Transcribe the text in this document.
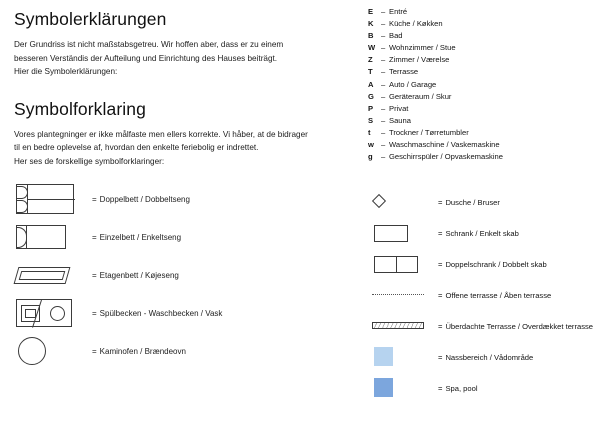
Symbolerklärungen

Der Grundriss ist nicht maßstabsgetreu. Wir hoffen aber, dass er zu einem

besseren Verständis der Aufteilung und Einrichtung des Hauses beiträgt.

Hier die Symbolerklärungen:

Symbolforklaring

Vores plantegninger er ikke målfaste men ellers korrekte. Vi håber, at de bidrager

til en bedre oplevelse af, hvordan den enkelte feriebolig er indrettet.

Her ses de forskellige symbolforklaringer:

= Doppelbett / Dobbeltseng
= Einzelbett / Enkeltseng
= Etagenbett / Køjeseng
= Spülbecken - Waschbecken / Vask
= Kaminofen / Brændeovn
E	– Entré
K – Küche / Køkken
B – Bad
W – Wohnzimmer / Stue
Z	– Zimmer / Værelse
T	– Terrasse
A – Auto / Garage
G – Geräteraum / Skur
P	– Privat
S	– Sauna
t	– Trockner / Tørretumbler
w – Waschmaschine / Vaskemaskine
g	– Geschirrspüler / Opvaskemaskine
= Dusche / Bruser
= Schrank / Enkelt skab
= Doppelschrank / Dobbelt skab
= Offene terrasse / Åben terrasse
= Überdachte Terrasse / Overdækket terrasse
= Nassbereich / Vådområde
= Spa, pool
